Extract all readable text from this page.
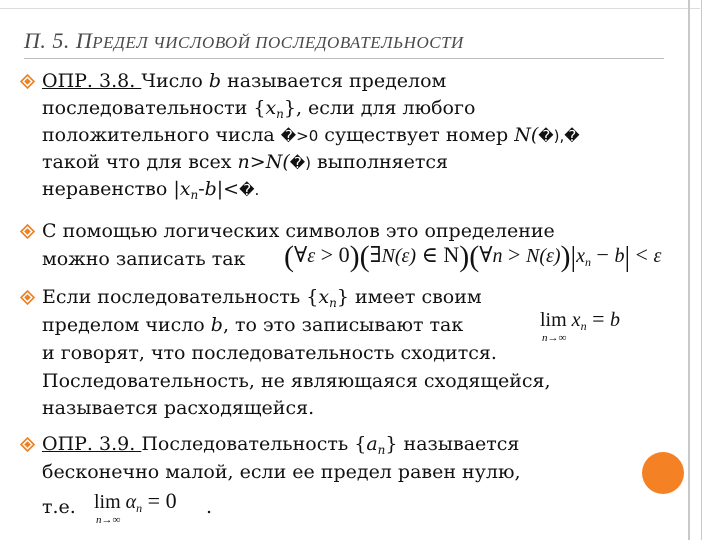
П. 5. ПРЕДЕЛ ЧИСЛОВОЙ ПОСЛЕДОВАТЕЛЬНОСТИ
ОПР. 3.8. Число b называется пределом
последовательности $\{x_n\}$, если для любого
положительного числа �>0 существует номер N(�),�
такой что для всех n>N(�) выполняется
неравенство $|x_n-b|<�$.
С помощью логических символов это определение
можно записать так (∀ε > 0)(∃N(ε) ∈ N)(∀n > $N(\varepsilon))|x_n - b| < \varepsilon$
Если последовательность $\{x_n\}$ имеет своим
пределом число b, то это записывают так	$\lim x_n = b$
n→∞
и говорят, что последовательность сходится.
Последовательность, не являющаяся сходящейся,
называется расходящейся.
ОПР. 3.9. Последовательность $\{a_n\}$ называется
бесконечно малой, если ее предел равен нулю,
т.е. $\lim \alpha_n = 0$
n→∞
.
